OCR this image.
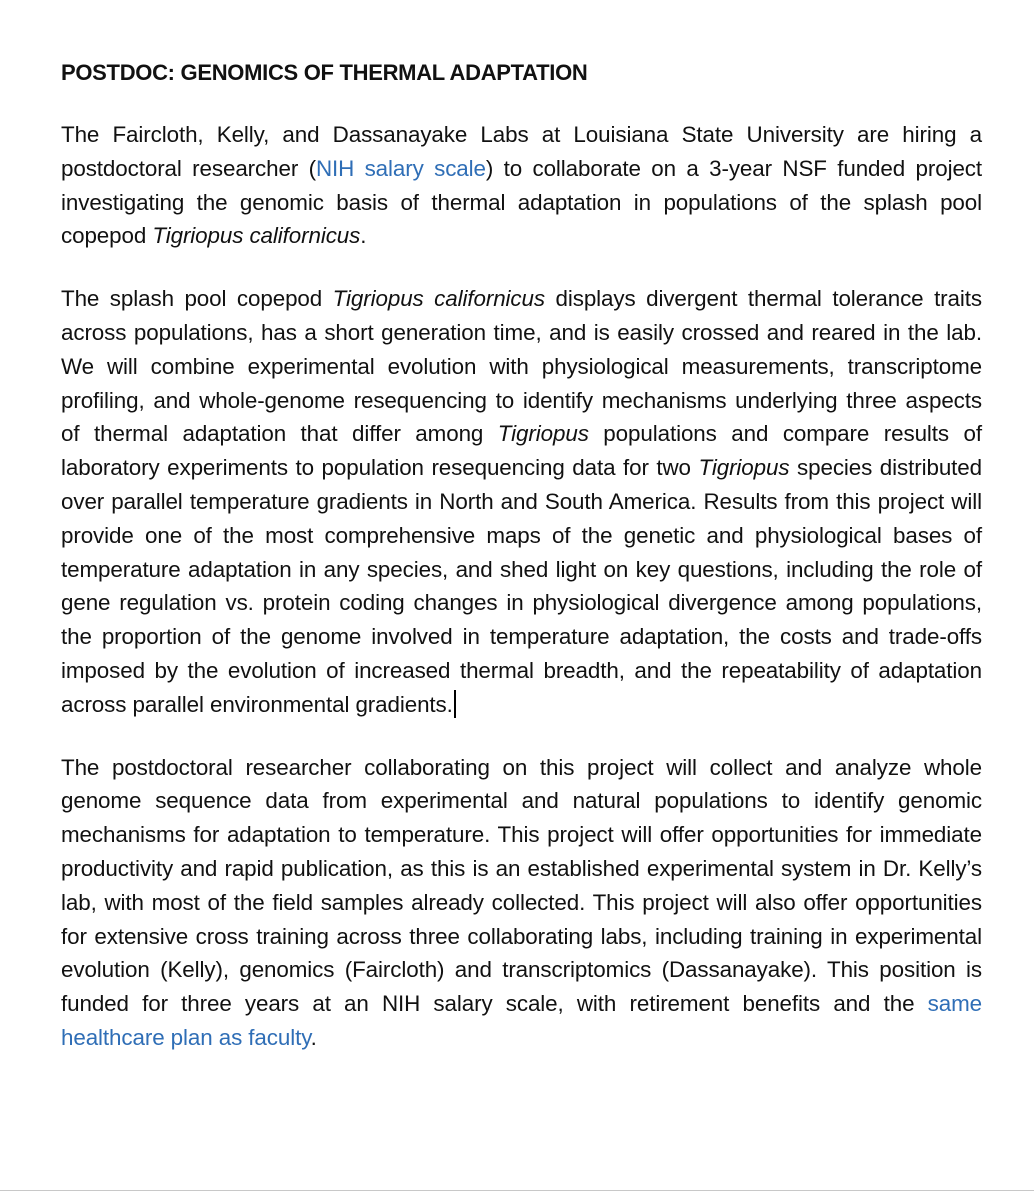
POSTDOC: GENOMICS OF THERMAL ADAPTATION

The Faircloth, Kelly, and Dassanayake Labs at Louisiana State University are hiring a postdoctoral researcher (NIH salary scale) to collaborate on a 3-year NSF funded project investigating the genomic basis of thermal adaptation in populations of the splash pool copepod Tigriopus californicus.

The splash pool copepod Tigriopus californicus displays divergent thermal tolerance traits across populations, has a short generation time, and is easily crossed and reared in the lab. We will combine experimental evolution with physiological measurements, transcriptome profiling, and whole-genome resequencing to identify mechanisms underlying three aspects of thermal adaptation that differ among Tigriopus populations and compare results of laboratory experiments to population resequencing data for two Tigriopus species distributed over parallel temperature gradients in North and South America. Results from this project will provide one of the most comprehensive maps of the genetic and physiological bases of temperature adaptation in any species, and shed light on key questions, including the role of gene regulation vs. protein coding changes in physiological divergence among populations, the proportion of the genome involved in temperature adaptation, the costs and trade-offs imposed by the evolution of increased thermal breadth, and the repeatability of adaptation across parallel environmental gradients.

The postdoctoral researcher collaborating on this project will collect and analyze whole genome sequence data from experimental and natural populations to identify genomic mechanisms for adaptation to temperature. This project will offer opportunities for immediate productivity and rapid publication, as this is an established experimental system in Dr. Kelly’s lab, with most of the field samples already collected. This project will also offer opportunities for extensive cross training across three collaborating labs, including training in experimental evolution (Kelly), genomics (Faircloth) and transcriptomics (Dassanayake). This position is funded for three years at an NIH salary scale, with retirement benefits and the same healthcare plan as faculty.
